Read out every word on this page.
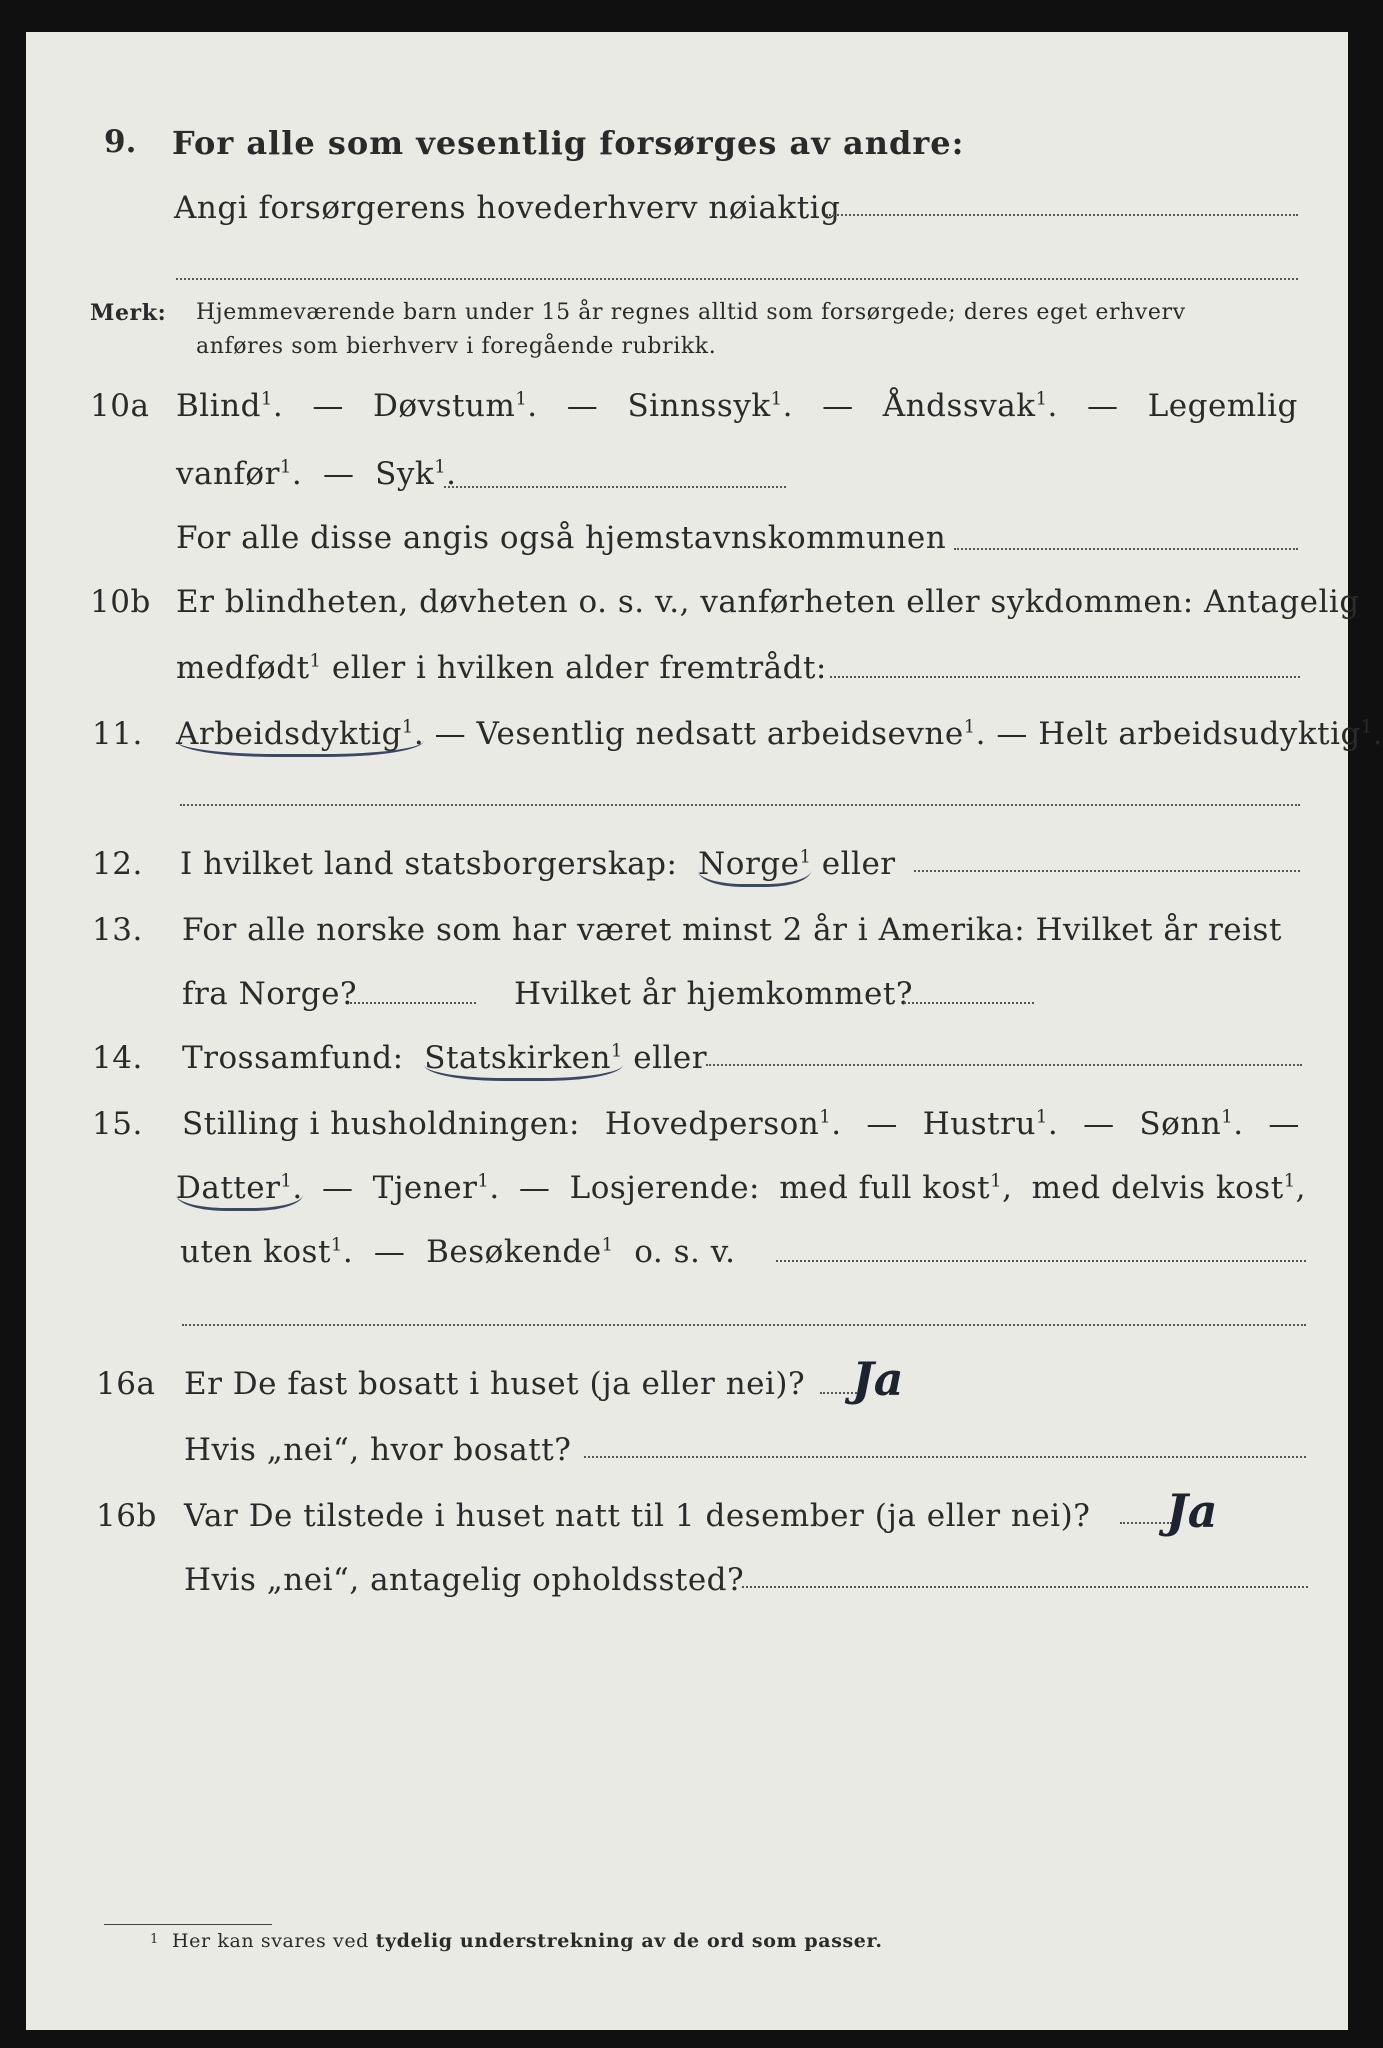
9. For alle som vesentlig forsørges av andre:
Angi forsørgerens hovederhverv nøiaktig
Merk: Hjemmeværende barn under 15 år regnes alltid som forsørgede; deres eget erhverv
anføres som bierhverv i foregående rubrikk.
10a Blind$^1$. — Døvstum$^1$. — Sinnssyk$^1$. — Åndssvak$^1$. — Legemlig
vanfør$^1$.  —  Syk$^1$.
For alle disse angis også hjemstavnskommunen
10b Er blindheten, døvheten o. s. v., vanførheten eller sykdommen: Antagelig
medfødt$^1$ eller i hvilken alder fremtrådt:
11. Arbeidsdyktig$^1$. — Vesentlig nedsatt arbeidsevne$^1$. — Helt arbeidsudyktig$^1$.
12. I hvilket land statsborgerskap: Norge$^1$ eller
13. For alle norske som har været minst 2 år i Amerika: Hvilket år reist
fra Norge?	Hvilket år hjemkommet?
14. Trossamfund: Statskirken$^1$ eller
15. Stilling i husholdningen: Hovedperson$^1$. — Hustru$^1$. — Sønn$^1$. —
Datter$^1$. — Tjener$^1$. — Losjerende: med full kost$^1$, med delvis kost$^1$,
uten kost$^1$.  —  Besøkende$^1$ o. s. v.
16a Er De fast bosatt i huset (ja eller nei)? Ja
Hvis „nei“, hvor bosatt?
16b Var De tilstede i huset natt til 1 desember (ja eller nei)? Ja
Hvis „nei“, antagelig opholdssted?
1 Her kan svares ved tydelig understrekning av de ord som passer.
